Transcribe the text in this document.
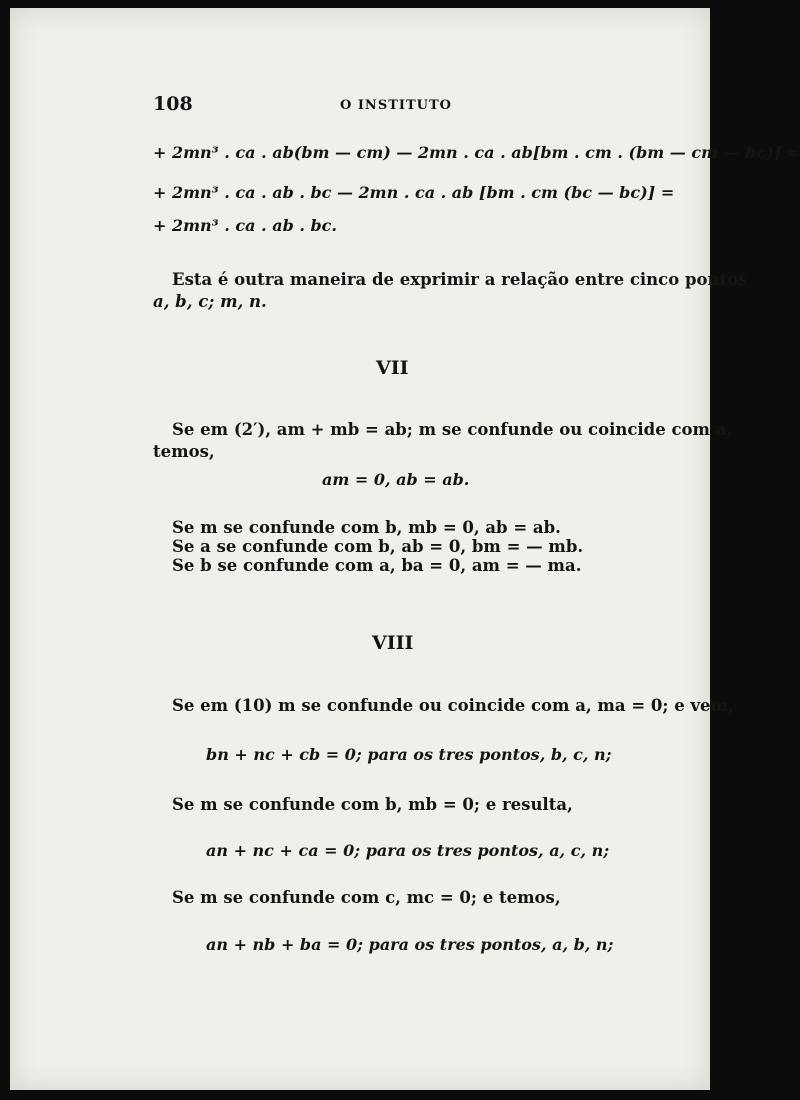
108	O INSTITUTO
+ 2mn³ . ca . ab(bm — cm) — 2mn . ca . ab[bm . cm . (bm — cm — bc)] =
+ 2mn³ . ca . ab . bc — 2mn . ca . ab [bm . cm (bc — bc)] =
+ 2mn³ . ca . ab . bc.
Esta é outra maneira de exprimir a relação entre cinco pontos
a, b, c; m, n.
VII
Se em (2′), am + mb = ab; m se confunde ou coincide com a,
temos,
am = 0, ab = ab.
Se m se confunde com b, mb = 0, ab = ab.
Se a se confunde com b, ab = 0, bm = — mb.
Se b se confunde com a, ba = 0, am = — ma.
VIII
Se em (10) m se confunde ou coincide com a, ma = 0; e vem,
bn + nc + cb = 0; para os tres pontos, b, c, n;
Se m se confunde com b, mb = 0; e resulta,
an + nc + ca = 0; para os tres pontos, a, c, n;
Se m se confunde com c, mc = 0; e temos,
an + nb + ba = 0; para os tres pontos, a, b, n;
